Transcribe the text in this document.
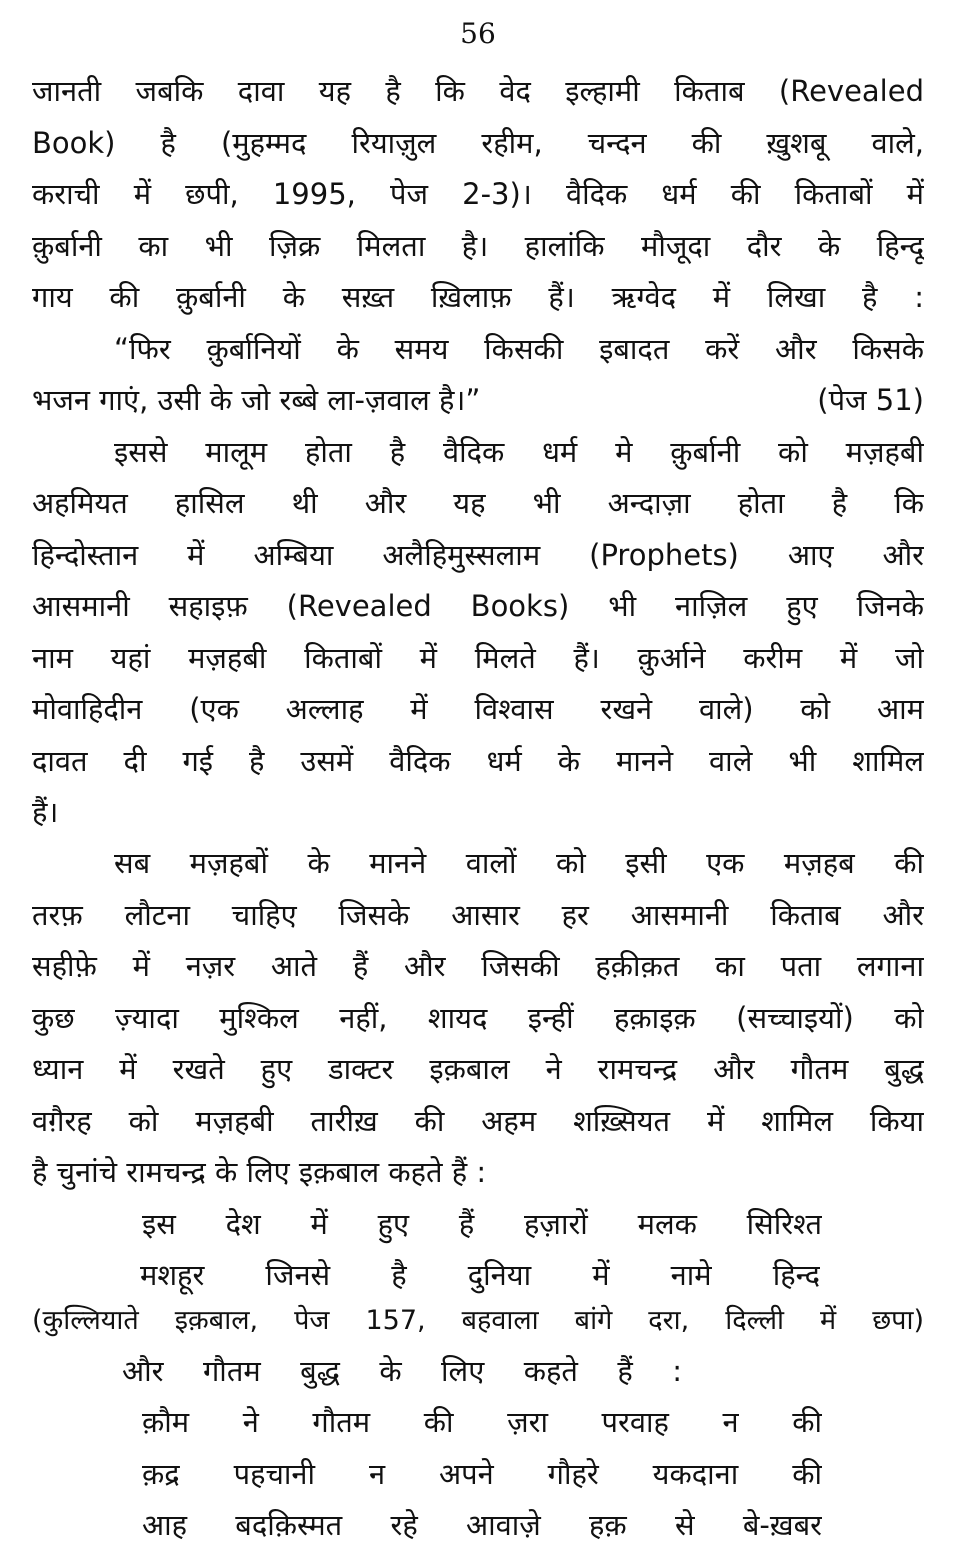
56
जानती जबकि दावा यह है कि वेद इल्हामी किताब (Revealed
Book) है (मुहम्मद रियाज़ुल रहीम, चन्दन की ख़ुशबू वाले,
कराची में छपी, 1995, पेज 2-3)। वैदिक धर्म की किताबों में
क़ुर्बानी का भी ज़िक्र मिलता है। हालांकि मौजूदा दौर के हिन्दू
गाय की क़ुर्बानी के सख़्त ख़िलाफ़ हैं। ऋग्वेद में लिखा है :
“फिर क़ुर्बानियों के समय किसकी इबादत करें और किसके
भजन गाएं, उसी के जो रब्बे ला-ज़वाल है।”	(पेज 51)
इससे मालूम होता है वैदिक धर्म मे क़ुर्बानी को मज़हबी
अहमियत हासिल थी और यह भी अन्दाज़ा होता है कि
हिन्दोस्तान में अम्बिया अलैहिमुस्सलाम (Prophets) आए और
आसमानी सहाइफ़ (Revealed Books) भी नाज़िल हुए जिनके
नाम यहां मज़हबी किताबों में मिलते हैं। क़ुर्आने करीम में जो
मोवाहिदीन (एक अल्लाह में विश्वास रखने वाले) को आम
दावत दी गई है उसमें वैदिक धर्म के मानने वाले भी शामिल
हैं।
सब मज़हबों के मानने वालों को इसी एक मज़हब की
तरफ़ लौटना चाहिए जिसके आसार हर आसमानी किताब और
सहीफ़े में नज़र आते हैं और जिसकी हक़ीक़त का पता लगाना
कुछ ज़्यादा मुश्किल नहीं, शायद इन्हीं हक़ाइक़ (सच्चाइयों) को
ध्यान में रखते हुए डाक्टर इक़बाल ने रामचन्द्र और गौतम बुद्ध
वग़ैरह को मज़हबी तारीख़ की अहम शख़्सियत में शामिल किया
है चुनांचे रामचन्द्र के लिए इक़बाल कहते हैं :
इस देश में हुए हैं हज़ारों मलक सिरिश्त
मशहूर जिनसे है दुनिया में नामे हिन्द
(कुल्लियाते इक़बाल, पेज 157, बहवाला बांगे दरा, दिल्ली में छपा)
और गौतम बुद्ध के लिए कहते हैं :
क़ौम ने गौतम की ज़रा परवाह न की
क़द्र पहचानी न अपने गौहरे यकदाना की
आह बदक़िस्मत रहे आवाज़े हक़ से बे-ख़बर
